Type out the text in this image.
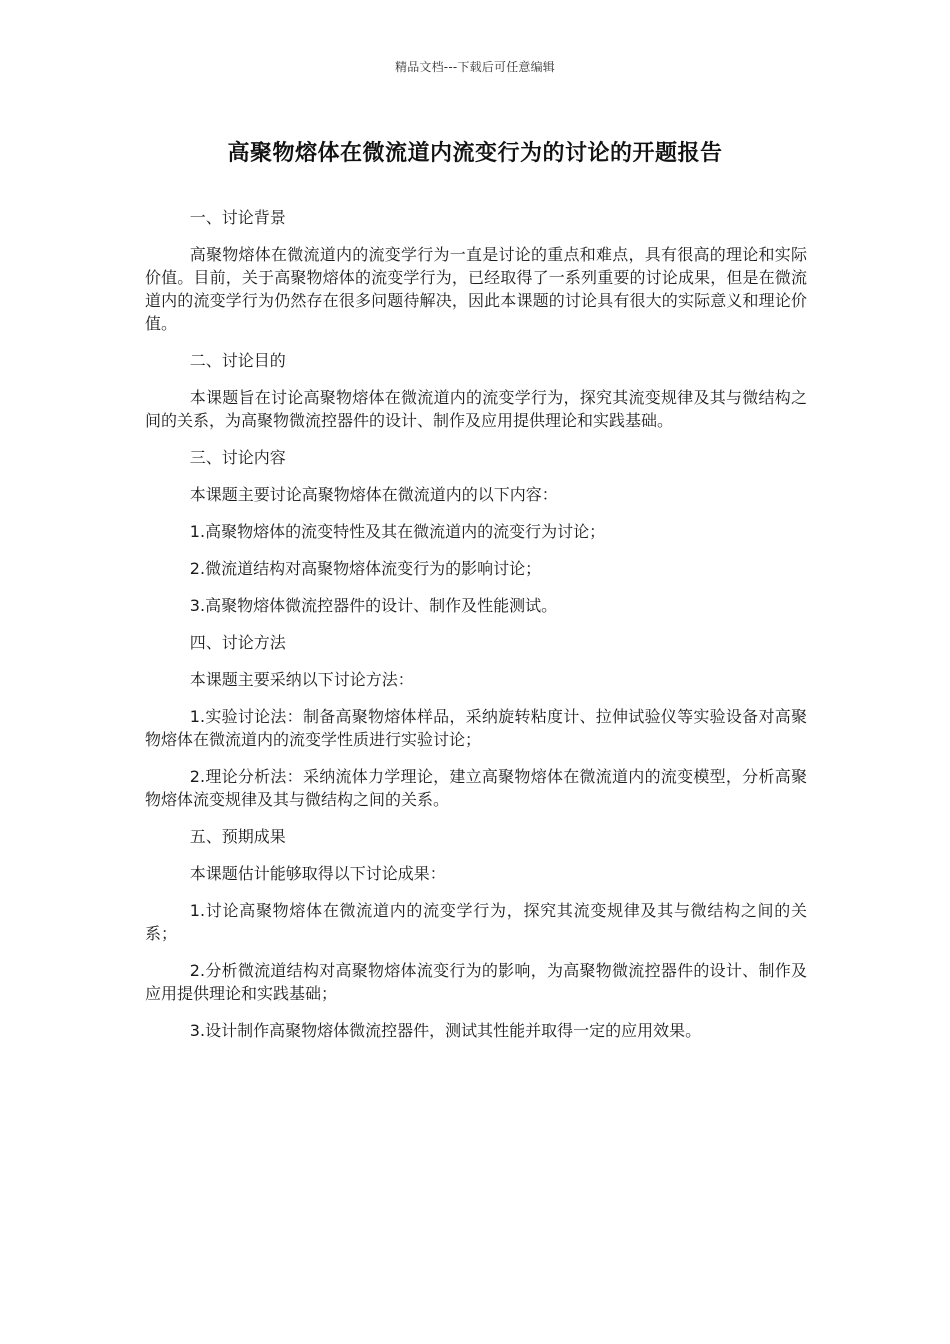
精品文档---下载后可任意编辑
高聚物熔体在微流道内流变行为的讨论的开题报告

一、讨论背景

高聚物熔体在微流道内的流变学行为一直是讨论的重点和难点，具有很高的理论和实际价值。目前，关于高聚物熔体的流变学行为，已经取得了一系列重要的讨论成果，但是在微流道内的流变学行为仍然存在很多问题待解决，因此本课题的讨论具有很大的实际意义和理论价值。

二、讨论目的

本课题旨在讨论高聚物熔体在微流道内的流变学行为，探究其流变规律及其与微结构之间的关系，为高聚物微流控器件的设计、制作及应用提供理论和实践基础。

三、讨论内容

本课题主要讨论高聚物熔体在微流道内的以下内容：

1.高聚物熔体的流变特性及其在微流道内的流变行为讨论；

2.微流道结构对高聚物熔体流变行为的影响讨论；

3.高聚物熔体微流控器件的设计、制作及性能测试。

四、讨论方法

本课题主要采纳以下讨论方法：

1.实验讨论法：制备高聚物熔体样品，采纳旋转粘度计、拉伸试验仪等实验设备对高聚物熔体在微流道内的流变学性质进行实验讨论；

2.理论分析法：采纳流体力学理论，建立高聚物熔体在微流道内的流变模型，分析高聚物熔体流变规律及其与微结构之间的关系。

五、预期成果

本课题估计能够取得以下讨论成果：

1.讨论高聚物熔体在微流道内的流变学行为，探究其流变规律及其与微结构之间的关系；

2.分析微流道结构对高聚物熔体流变行为的影响，为高聚物微流控器件的设计、制作及应用提供理论和实践基础；

3.设计制作高聚物熔体微流控器件，测试其性能并取得一定的应用效果。
